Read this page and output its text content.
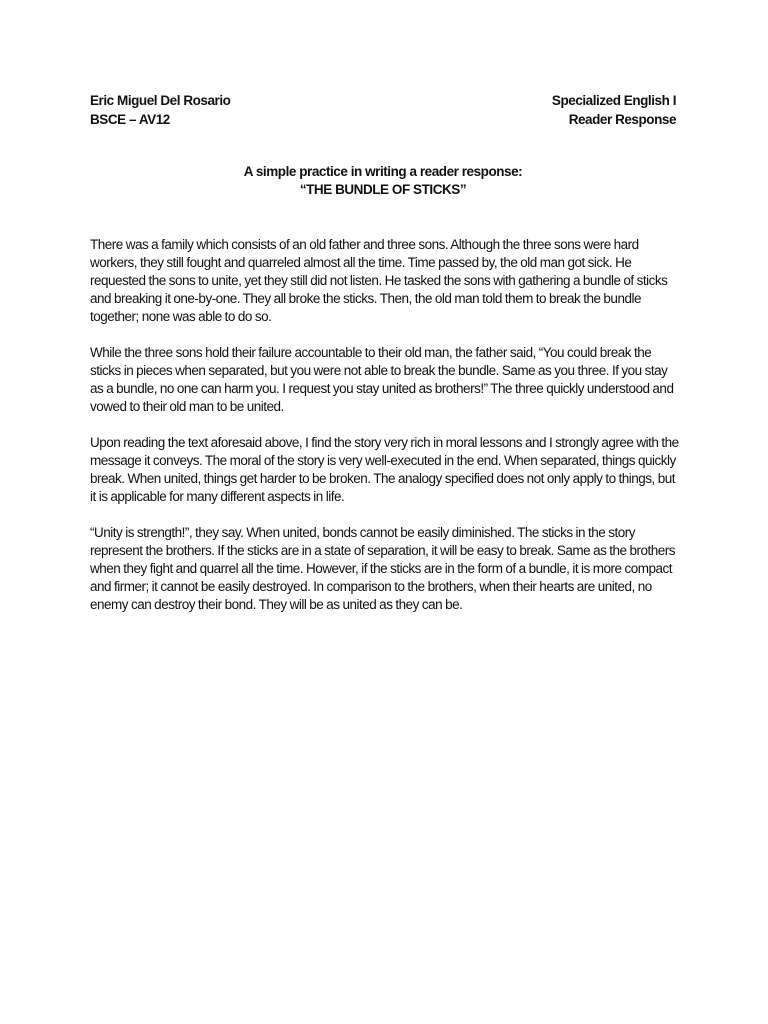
Eric Miguel Del Rosario
BSCE – AV12
Specialized English I
Reader Response
A simple practice in writing a reader response:
“THE BUNDLE OF STICKS”

There was a family which consists of an old father and three sons. Although the three sons were hard workers, they still fought and quarreled almost all the time. Time passed by, the old man got sick. He requested the sons to unite, yet they still did not listen. He tasked the sons with gathering a bundle of sticks and breaking it one-by-one. They all broke the sticks. Then, the old man told them to break the bundle together; none was able to do so.

While the three sons hold their failure accountable to their old man, the father said, “You could break the sticks in pieces when separated, but you were not able to break the bundle. Same as you three. If you stay as a bundle, no one can harm you. I request you stay united as brothers!” The three quickly understood and vowed to their old man to be united.

Upon reading the text aforesaid above, I find the story very rich in moral lessons and I strongly agree with the message it conveys. The moral of the story is very well-executed in the end. When separated, things quickly break. When united, things get harder to be broken. The analogy specified does not only apply to things, but it is applicable for many different aspects in life.

“Unity is strength!”, they say. When united, bonds cannot be easily diminished. The sticks in the story represent the brothers. If the sticks are in a state of separation, it will be easy to break. Same as the brothers when they fight and quarrel all the time. However, if the sticks are in the form of a bundle, it is more compact and firmer; it cannot be easily destroyed. In comparison to the brothers, when their hearts are united, no enemy can destroy their bond. They will be as united as they can be.
